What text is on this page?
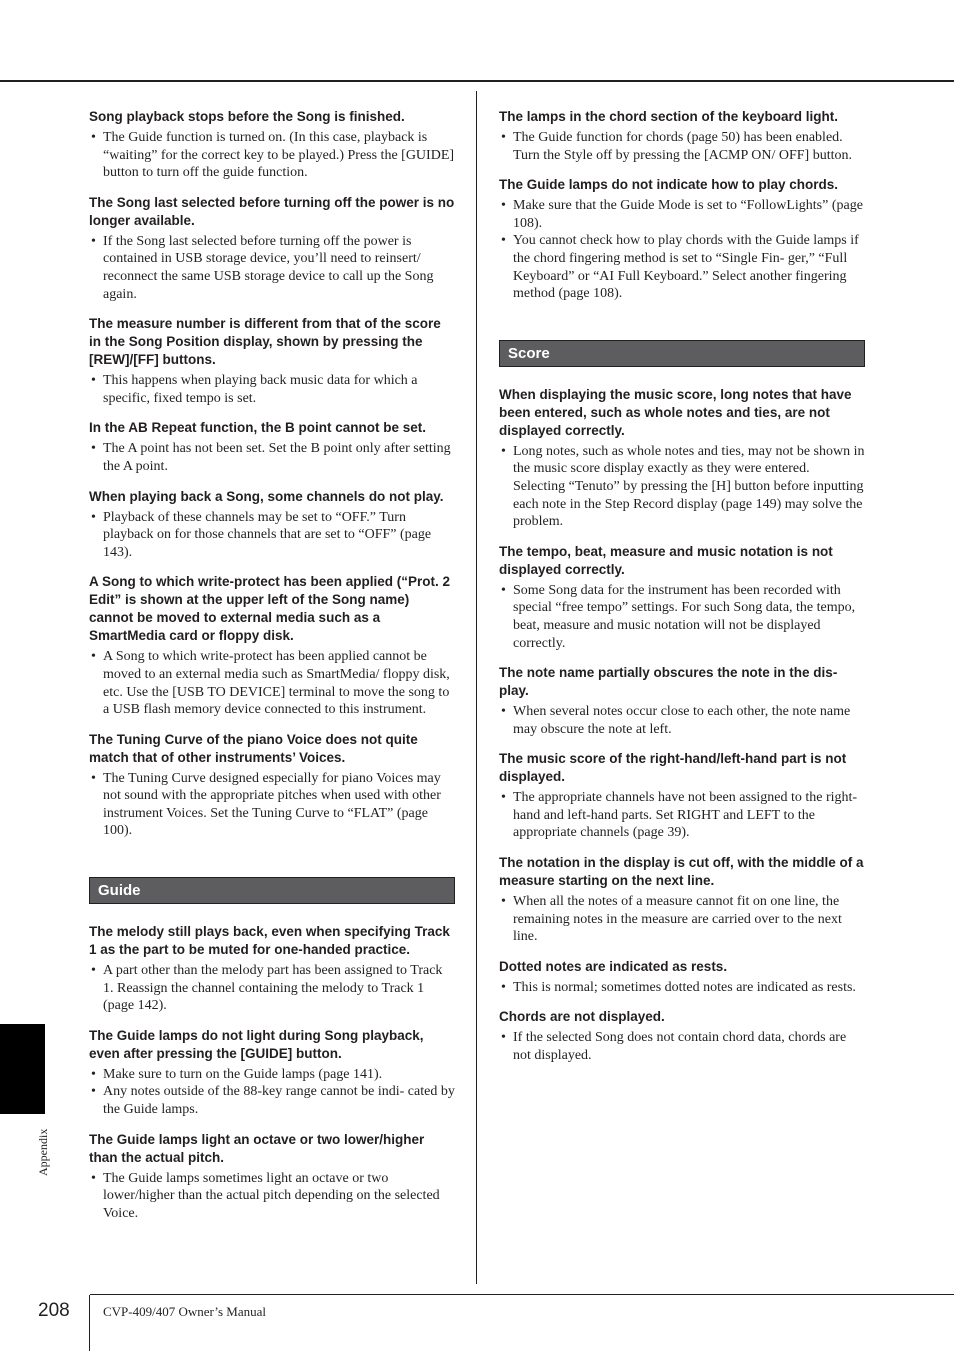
Appendix
208	CVP-409/407 Owner’s Manual
Song playback stops before the Song is finished.
• The Guide function is turned on. (In this case, playback is “waiting” for the correct key to be played.) Press the [GUIDE] button to turn off the guide function.
The Song last selected before turning off the power is no longer available.
• If the Song last selected before turning off the power is contained in USB storage device, you’ll need to reinsert/ reconnect the same USB storage device to call up the Song again.
The measure number is different from that of the score in the Song Position display, shown by pressing the [REW]/[FF] buttons.
• This happens when playing back music data for which a specific, fixed tempo is set.
In the AB Repeat function, the B point cannot be set.
• The A point has not been set. Set the B point only after setting the A point.
When playing back a Song, some channels do not play.
• Playback of these channels may be set to “OFF.” Turn playback on for those channels that are set to “OFF” (page 143).
A Song to which write-protect has been applied (“Prot. 2 Edit” is shown at the upper left of the Song name) cannot be moved to external media such as a SmartMedia card or floppy disk.
• A Song to which write-protect has been applied cannot be moved to an external media such as SmartMedia/ floppy disk, etc. Use the [USB TO DEVICE] terminal to move the song to a USB flash memory device connected to this instrument.
The Tuning Curve of the piano Voice does not quite match that of other instruments’ Voices.
• The Tuning Curve designed especially for piano Voices may not sound with the appropriate pitches when used with other instrument Voices. Set the Tuning Curve to “FLAT” (page 100).
Guide
The melody still plays back, even when specifying Track 1 as the part to be muted for one-handed practice.
• A part other than the melody part has been assigned to Track 1. Reassign the channel containing the melody to Track 1 (page 142).
The Guide lamps do not light during Song playback, even after pressing the [GUIDE] button.
• Make sure to turn on the Guide lamps (page 141).
• Any notes outside of the 88-key range cannot be indi- cated by the Guide lamps.
The Guide lamps light an octave or two lower/higher than the actual pitch.
• The Guide lamps sometimes light an octave or two lower/higher than the actual pitch depending on the selected Voice.
The lamps in the chord section of the keyboard light.
• The Guide function for chords (page 50) has been enabled. Turn the Style off by pressing the [ACMP ON/ OFF] button.
The Guide lamps do not indicate how to play chords.
• Make sure that the Guide Mode is set to “FollowLights” (page 108).
• You cannot check how to play chords with the Guide lamps if the chord fingering method is set to “Single Fin- ger,” “Full Keyboard” or “AI Full Keyboard.” Select another fingering method (page 108).
Score
When displaying the music score, long notes that have been entered, such as whole notes and ties, are not displayed correctly.
• Long notes, such as whole notes and ties, may not be shown in the music score display exactly as they were entered. Selecting “Tenuto” by pressing the [H] button before inputting each note in the Step Record display (page 149) may solve the problem.
The tempo, beat, measure and music notation is not displayed correctly.
• Some Song data for the instrument has been recorded with special “free tempo” settings. For such Song data, the tempo, beat, measure and music notation will not be displayed correctly.
The note name partially obscures the note in the dis- play.
• When several notes occur close to each other, the note name may obscure the note at left.
The music score of the right-hand/left-hand part is not displayed.
• The appropriate channels have not been assigned to the right-hand and left-hand parts. Set RIGHT and LEFT to the appropriate channels (page 39).
The notation in the display is cut off, with the middle of a measure starting on the next line.
• When all the notes of a measure cannot fit on one line, the remaining notes in the measure are carried over to the next line.
Dotted notes are indicated as rests.
• This is normal; sometimes dotted notes are indicated as rests.
Chords are not displayed.
• If the selected Song does not contain chord data, chords are not displayed.
